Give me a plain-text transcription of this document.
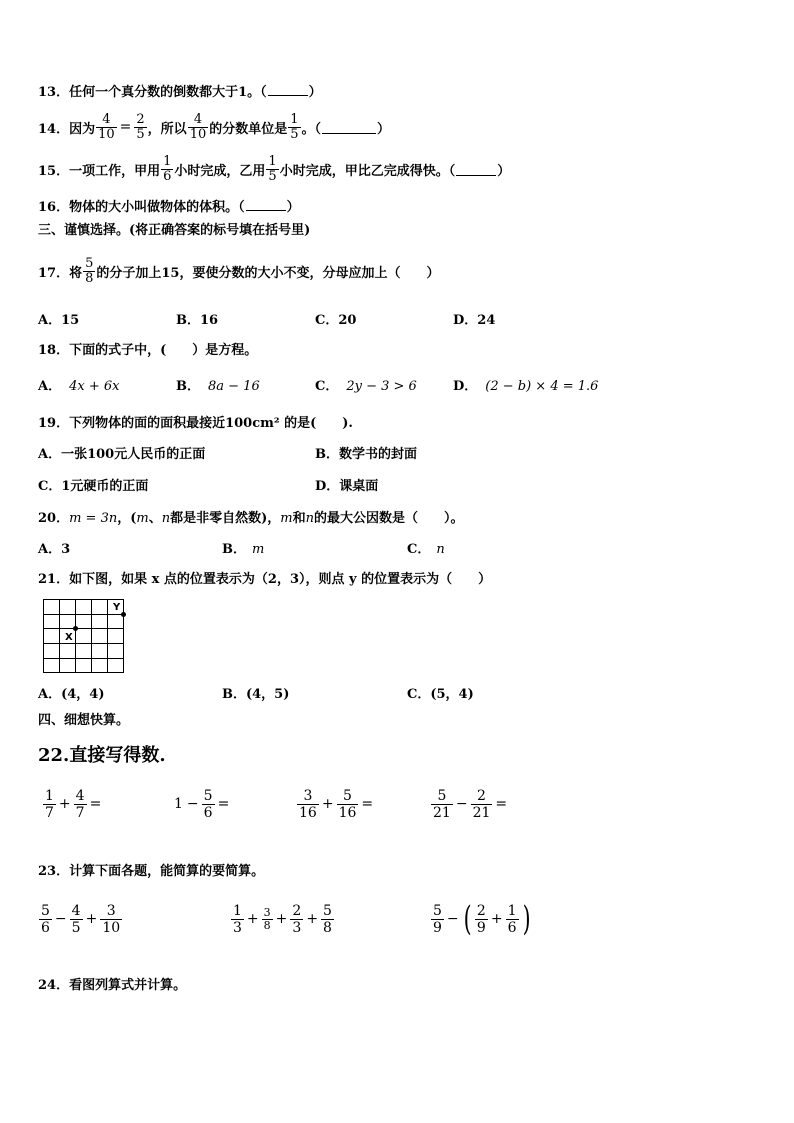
13．任何一个真分数的倒数都大于1。（	）
14． 因为 $\frac{4}{10} = \frac{2}{5}$ ，所以 $\frac{4}{10}$ 的分数单位是 $\frac{1}{5}$ 。（	）
15． 一项工作，甲用 $\frac{1}{6}$ 小时完成，乙用 $\frac{1}{5}$ 小时完成，甲比乙完成得快。（	）
16．物体的大小叫做物体的体积。（	）
三、谨慎选择。(将正确答案的标号填在括号里)
17． 将 $\frac{5}{8}$ 的分子加上15，要使分数的大小不变，分母应加上（　　）
A．15	B．16	C．20	D．24
18．下面的式子中，(　　）是方程。
A． 4x + 6x	B． 8a − 16	C． 2y − 3 > 6	D． (2 − b) × 4 = 1.6
19．下列物体的面的面积最接近100cm² 的是(　　).
A．一张100元人民币的正面	B．数学书的封面
C．1元硬币的正面	D．课桌面
20．m = 3n，(m、n都是非零自然数)，m和n的最大公因数是（　　）。
A．3	B． m	C． n
21．如下图，如果 x 点的位置表示为（2，3），则点 y 的位置表示为（　　）
X
Y
A．(4，4)	B．(4，5)	C．(5，4)
四、细想快算。
22.直接写得数.
$\frac{1}{7} + \frac{4}{7}$ =	$1 - \frac{5}{6}$ =	$\frac{3}{16} + \frac{5}{16}$ =	$\frac{5}{21} - \frac{2}{21}$ =
23．计算下面各题，能简算的要简算。
$\frac{5}{6} - \frac{4}{5} + \frac{3}{10}$	$\frac{1}{3} + \frac{3}{8} + \frac{2}{3} + \frac{5}{8}$	$\frac{5}{9}$ − ( $\frac{2}{9} + \frac{1}{6}$ )
24．看图列算式并计算。
